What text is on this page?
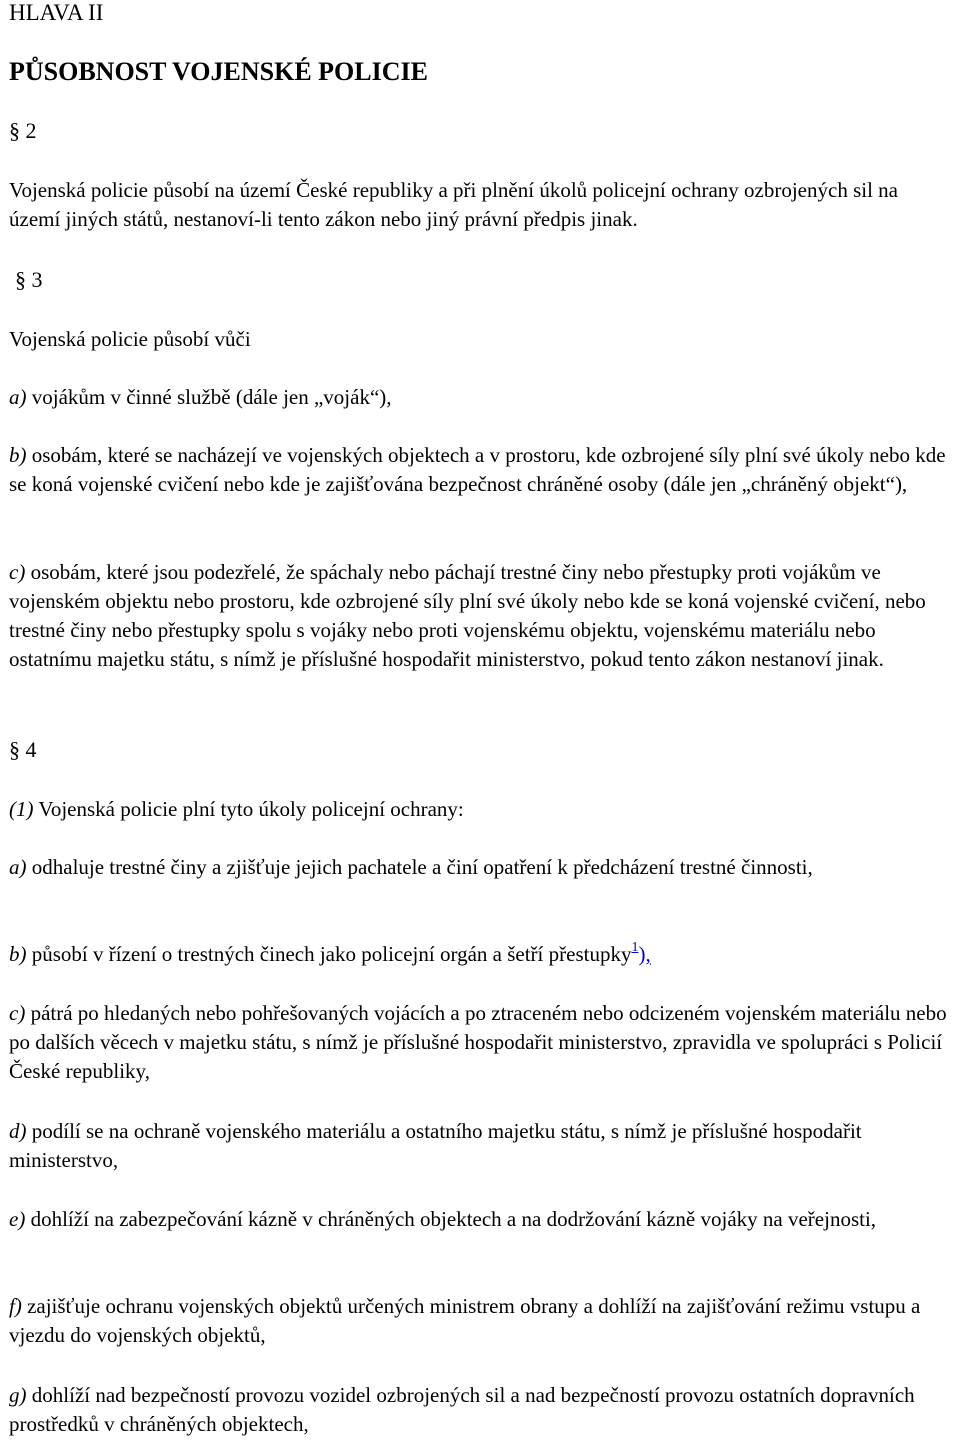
HLAVA II
PŮSOBNOST VOJENSKÉ POLICIE
§ 2

Vojenská policie působí na území České republiky a při plnění úkolů policejní ochrany ozbrojených sil na území jiných států, nestanoví-li tento zákon nebo jiný právní předpis jinak.

§ 3

Vojenská policie působí vůči

a) vojákům v činné službě (dále jen „voják“),

b) osobám, které se nacházejí ve vojenských objektech a v prostoru, kde ozbrojené síly plní své úkoly nebo kde se koná vojenské cvičení nebo kde je zajišťována bezpečnost chráněné osoby (dále jen „chráněný objekt“),

c) osobám, které jsou podezřelé, že spáchaly nebo páchají trestné činy nebo přestupky proti vojákům ve vojenském objektu nebo prostoru, kde ozbrojené síly plní své úkoly nebo kde se koná vojenské cvičení, nebo trestné činy nebo přestupky spolu s vojáky nebo proti vojenskému objektu, vojenskému materiálu nebo ostatnímu majetku státu, s nímž je příslušné hospodařit ministerstvo, pokud tento zákon nestanoví jinak.

§ 4

(1) Vojenská policie plní tyto úkoly policejní ochrany:

a) odhaluje trestné činy a zjišťuje jejich pachatele a činí opatření k předcházení trestné činnosti,

b) působí v řízení o trestných činech jako policejní orgán a šetří přestupky$^1$),

c) pátrá po hledaných nebo pohřešovaných vojácích a po ztraceném nebo odcizeném vojenském materiálu nebo po dalších věcech v majetku státu, s nímž je příslušné hospodařit ministerstvo, zpravidla ve spolupráci s Policií České republiky,

d) podílí se na ochraně vojenského materiálu a ostatního majetku státu, s nímž je příslušné hospodařit ministerstvo,

e) dohlíží na zabezpečování kázně v chráněných objektech a na dodržování kázně vojáky na veřejnosti,

f) zajišťuje ochranu vojenských objektů určených ministrem obrany a dohlíží na zajišťování režimu vstupu a vjezdu do vojenských objektů,

g) dohlíží nad bezpečností provozu vozidel ozbrojených sil a nad bezpečností provozu ostatních dopravních prostředků v chráněných objektech,
